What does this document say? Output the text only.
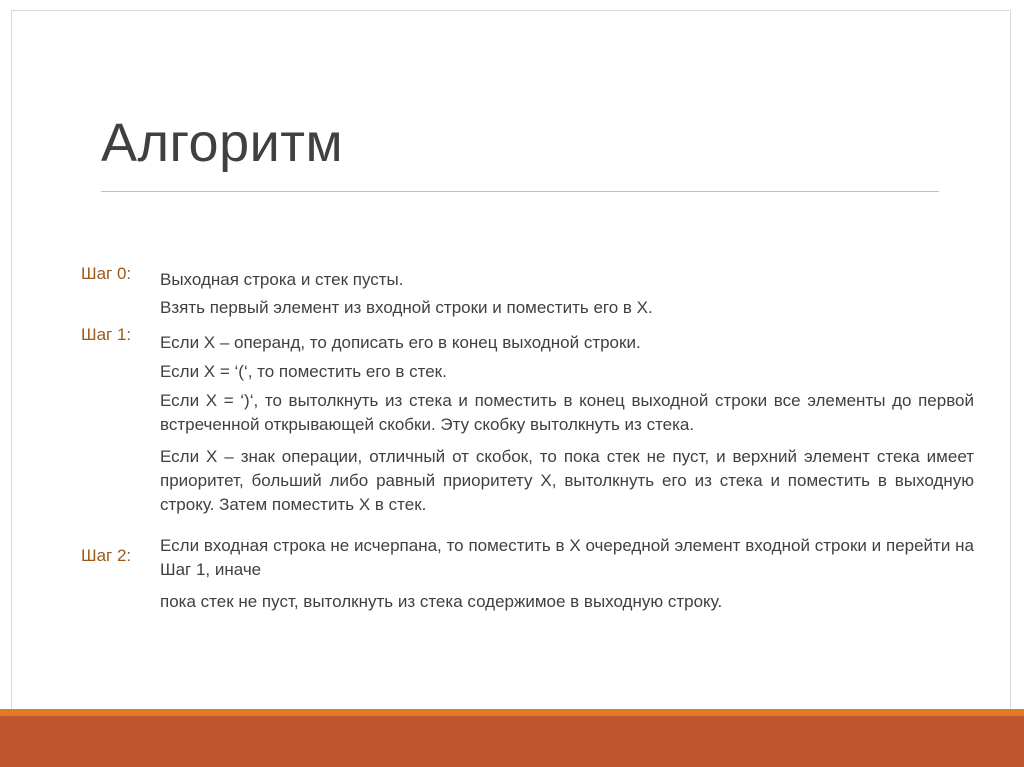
Алгоритм
Шаг 0: Выходная строка и стек пусты.
Взять первый элемент из входной строки и поместить его в Х.
Шаг 1: Если Х – операнд, то дописать его в конец выходной строки.
Если Х = ‘(‘, то поместить его в стек.
Если Х = ‘)‘, то вытолкнуть из стека и поместить в конец выходной строки все элементы до первой встреченной открывающей скобки. Эту скобку вытолкнуть из стека.
Если Х – знак операции, отличный от скобок, то пока стек не пуст, и верхний элемент стека имеет приоритет, больший либо равный приоритету Х, вытолкнуть его из стека и поместить в выходную строку. Затем поместить Х в стек.
Шаг 2:
Если входная строка не исчерпана, то поместить в Х очередной элемент входной строки и перейти на Шаг 1, иначе
пока стек не пуст, вытолкнуть из стека содержимое в выходную строку.
